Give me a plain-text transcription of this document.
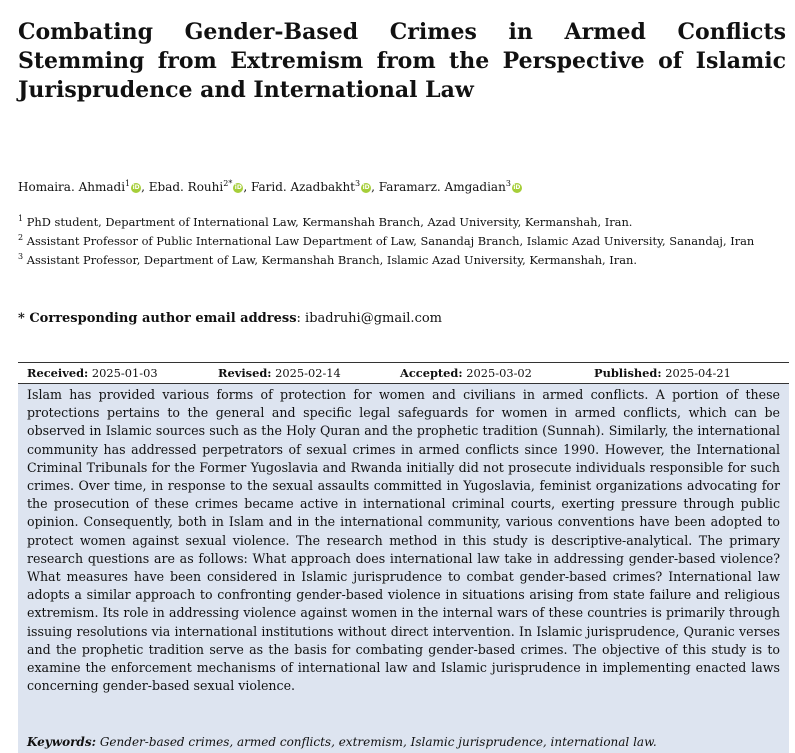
Combating Gender-Based Crimes in Armed Conflicts Stemming from Extremism from the Perspective of Islamic Jurisprudence and International Law
Homaira. Ahmadi$^1$ iD, Ebad. Rouhi$^{2*}$ iD, Farid. Azadbakht$^3$ iD, Faramarz. Amgadian$^3$ iD
$^1$ PhD student, Department of International Law, Kermanshah Branch, Azad University, Kermanshah, Iran.
$^2$ Assistant Professor of Public International Law Department of Law, Sanandaj Branch, Islamic Azad University, Sanandaj, Iran
$^3$ Assistant Professor, Department of Law, Kermanshah Branch, Islamic Azad University, Kermanshah, Iran.
* Corresponding author email address: ibadruhi@gmail.com
Received: 2025-01-03	Revised: 2025-02-14	Accepted: 2025-03-02	Published: 2025-04-21

Islam has provided various forms of protection for women and civilians in armed conflicts. A portion of these protections pertains to the general and specific legal safeguards for women in armed conflicts, which can be observed in Islamic sources such as the Holy Quran and the prophetic tradition (Sunnah). Similarly, the international community has addressed perpetrators of sexual crimes in armed conflicts since 1990. However, the International Criminal Tribunals for the Former Yugoslavia and Rwanda initially did not prosecute individuals responsible for such crimes. Over time, in response to the sexual assaults committed in Yugoslavia, feminist organizations advocating for the prosecution of these crimes became active in international criminal courts, exerting pressure through public opinion. Consequently, both in Islam and in the international community, various conventions have been adopted to protect women against sexual violence. The research method in this study is descriptive-analytical. The primary research questions are as follows: What approach does international law take in addressing gender-based violence? What measures have been considered in Islamic jurisprudence to combat gender-based crimes? International law adopts a similar approach to confronting gender-based violence in situations arising from state failure and religious extremism. Its role in addressing violence against women in the internal wars of these countries is primarily through issuing resolutions via international institutions without direct intervention. In Islamic jurisprudence, Quranic verses and the prophetic tradition serve as the basis for combating gender-based crimes. The objective of this study is to examine the enforcement mechanisms of international law and Islamic jurisprudence in implementing enacted laws concerning gender-based sexual violence.

Keywords: Gender-based crimes, armed conflicts, extremism, Islamic jurisprudence, international law.
